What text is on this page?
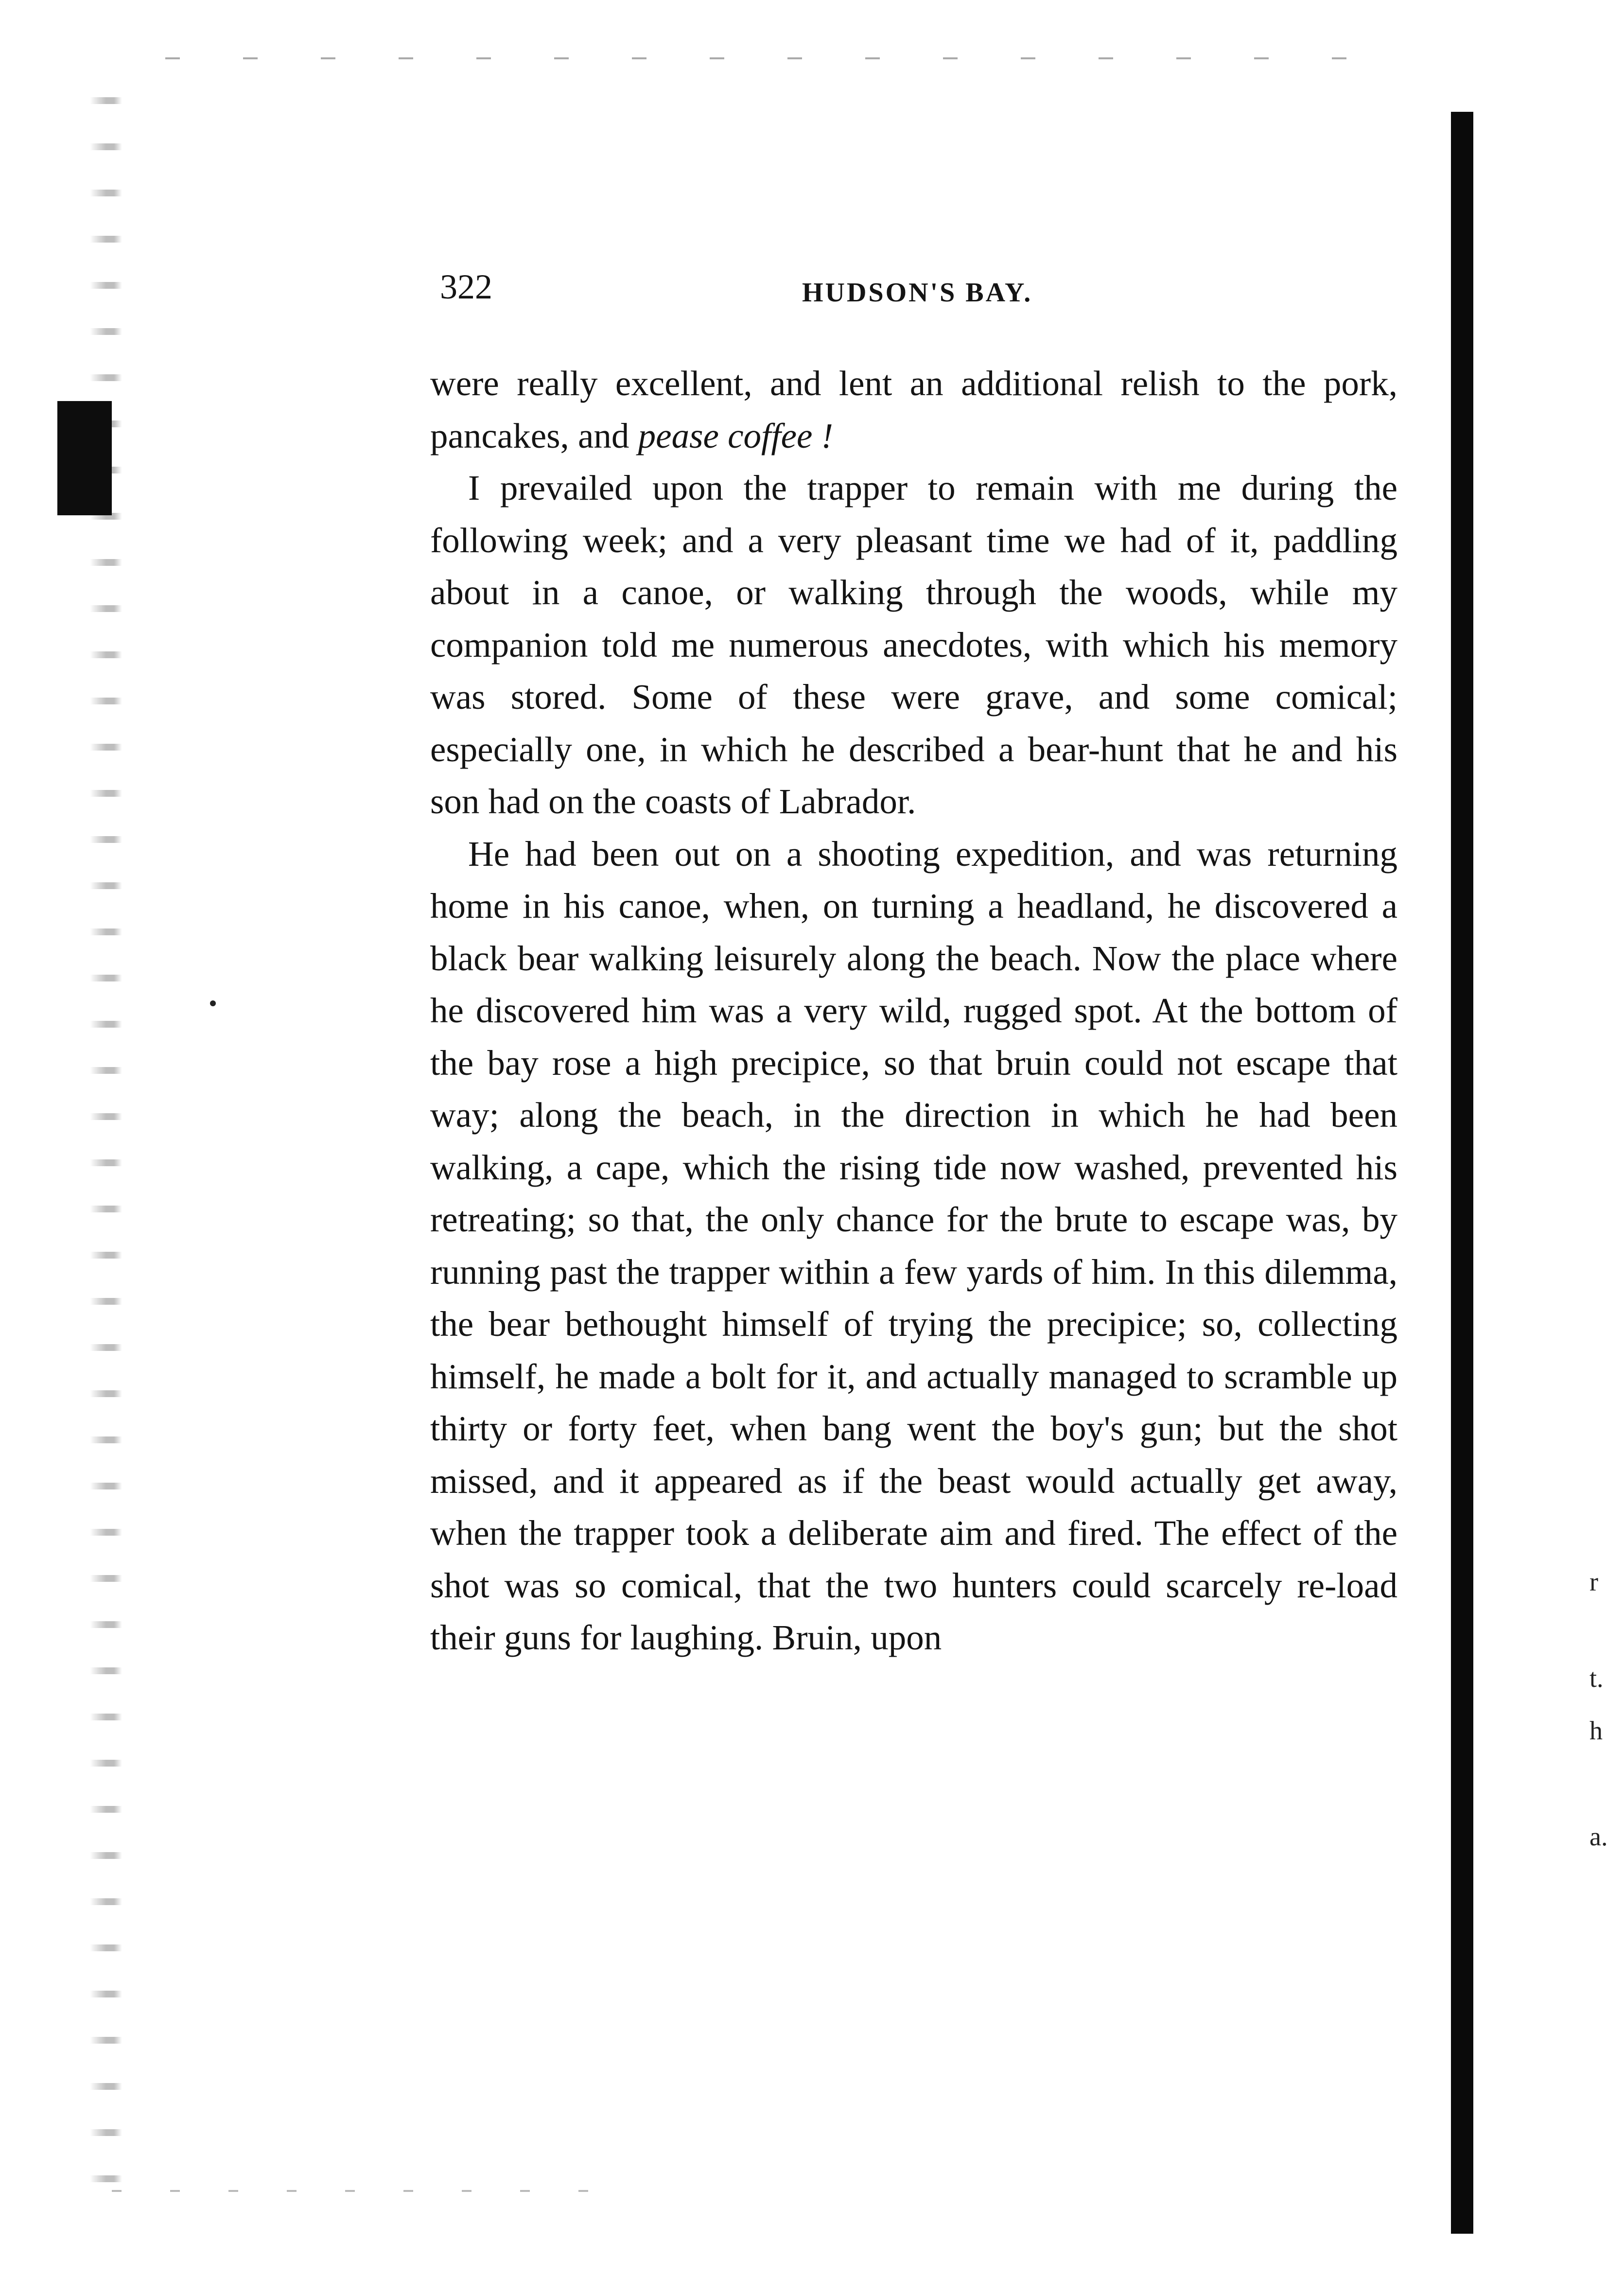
r
t.
h
a.
322	HUDSON'S BAY.

were really excellent, and lent an additional relish to the pork, pancakes, and pease coffee !

I prevailed upon the trapper to remain with me during the following week; and a very pleasant time we had of it, paddling about in a canoe, or walking through the woods, while my companion told me numerous anecdotes, with which his memory was stored. Some of these were grave, and some comical; especially one, in which he described a bear-hunt that he and his son had on the coasts of Labrador.

He had been out on a shooting expedition, and was returning home in his canoe, when, on turning a headland, he discovered a black bear walking leisurely along the beach. Now the place where he discovered him was a very wild, rugged spot. At the bottom of the bay rose a high precipice, so that bruin could not escape that way; along the beach, in the direction in which he had been walking, a cape, which the rising tide now washed, prevented his retreating; so that, the only chance for the brute to escape was, by running past the trapper within a few yards of him. In this dilemma, the bear bethought himself of trying the precipice; so, collecting himself, he made a bolt for it, and actually managed to scramble up thirty or forty feet, when bang went the boy's gun; but the shot missed, and it appeared as if the beast would actually get away, when the trapper took a deliberate aim and fired. The effect of the shot was so comical, that the two hunters could scarcely re-load their guns for laughing. Bruin, upon
